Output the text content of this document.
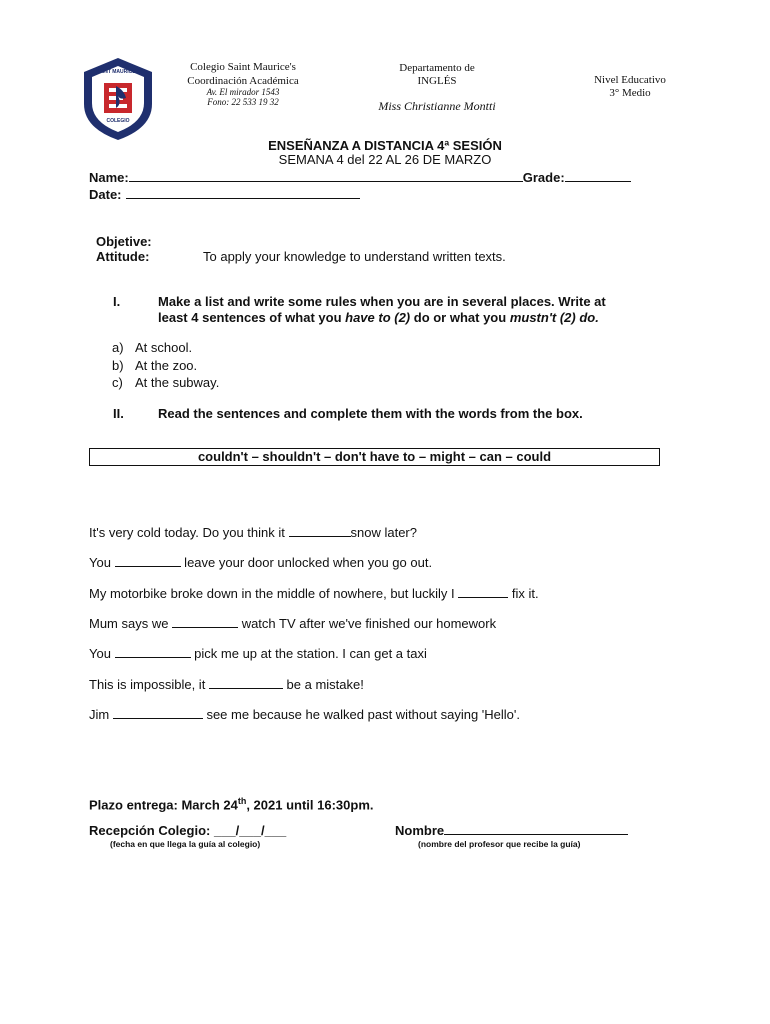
SAINT MAURICE'S
COLEGIO
Colegio Saint Maurice's
Coordinación Académica
Av. El mirador 1543
Fono: 22 533 19 32
Departamento de
INGLÉS
Miss Christianne Montti
Nivel Educativo
3° Medio
ENSEÑANZA A DISTANCIA 4ª SESIÓN
SEMANA 4 del 22 AL 26 DE MARZO
Name:	Grade:
Date:
Objetive:
Attitude:	To apply your knowledge to understand written texts.
I.	Make a list and write some rules when you are in several places. Write at
least 4 sentences of what you have to (2) do or what you mustn't (2) do.
a) At school.
b) At the zoo.
c) At the subway.
II.	Read the sentences and complete them with the words from the box.
couldn't – shouldn't – don't have to – might – can – could
It's very cold today. Do you think it	snow later?
You	leave your door unlocked when you go out.
My motorbike broke down in the middle of nowhere, but luckily I	fix it.
Mum says we	watch TV after we've finished our homework
You	pick me up at the station. I can get a taxi
This is impossible, it	be a mistake!
Jim	see me because he walked past without saying 'Hello'.
Plazo entrega: March 24th, 2021 until 16:30pm.
Recepción Colegio: ___/___/___
(fecha en que llega la guía al colegio)
Nombre
(nombre del profesor que recibe la guía)
